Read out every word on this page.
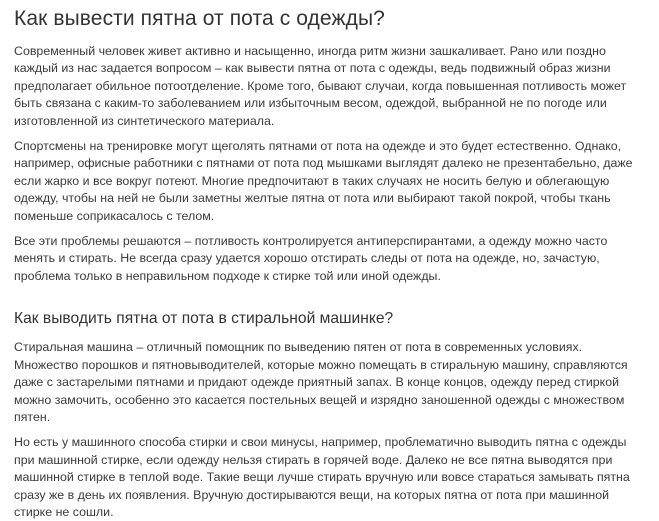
Как вывести пятна от пота с одежды?

Современный человек живет активно и насыщенно, иногда ритм жизни зашкаливает. Рано или поздно каждый из нас задается вопросом – как вывести пятна от пота с одежды, ведь подвижный образ жизни предполагает обильное потоотделение. Кроме того, бывают случаи, когда повышенная потливость может быть связана с каким-то заболеванием или избыточным весом, одеждой, выбранной не по погоде или изготовленной из синтетического материала.

Спортсмены на тренировке могут щеголять пятнами от пота на одежде и это будет естественно. Однако, например, офисные работники с пятнами от пота под мышками выглядят далеко не презентабельно, даже если жарко и все вокруг потеют. Многие предпочитают в таких случаях не носить белую и облегающую одежду, чтобы на ней не были заметны желтые пятна от пота или выбирают такой покрой, чтобы ткань поменьше соприкасалось с телом.

Все эти проблемы решаются – потливость контролируется антиперспирантами, а одежду можно часто менять и стирать. Не всегда сразу удается хорошо отстирать следы от пота на одежде, но, зачастую, проблема только в неправильном подходе к стирке той или иной одежды.

Как выводить пятна от пота в стиральной машинке?

Стиральная машина – отличный помощник по выведению пятен от пота в современных условиях. Множество порошков и пятновыводителей, которые можно помещать в стиральную машину, справляются даже с застарелыми пятнами и придают одежде приятный запах. В конце концов, одежду перед стиркой можно замочить, особенно это касается постельных вещей и изрядно заношенной одежды с множеством пятен.

Но есть у машинного способа стирки и свои минусы, например, проблематично выводить пятна с одежды при машинной стирке, если одежду нельзя стирать в горячей воде. Далеко не все пятна выводятся при машинной стирке в теплой воде. Такие вещи лучше стирать вручную или вовсе стараться замывать пятна сразу же в день их появления. Вручную достирываются вещи, на которых пятна от пота при машинной стирке не сошли.
